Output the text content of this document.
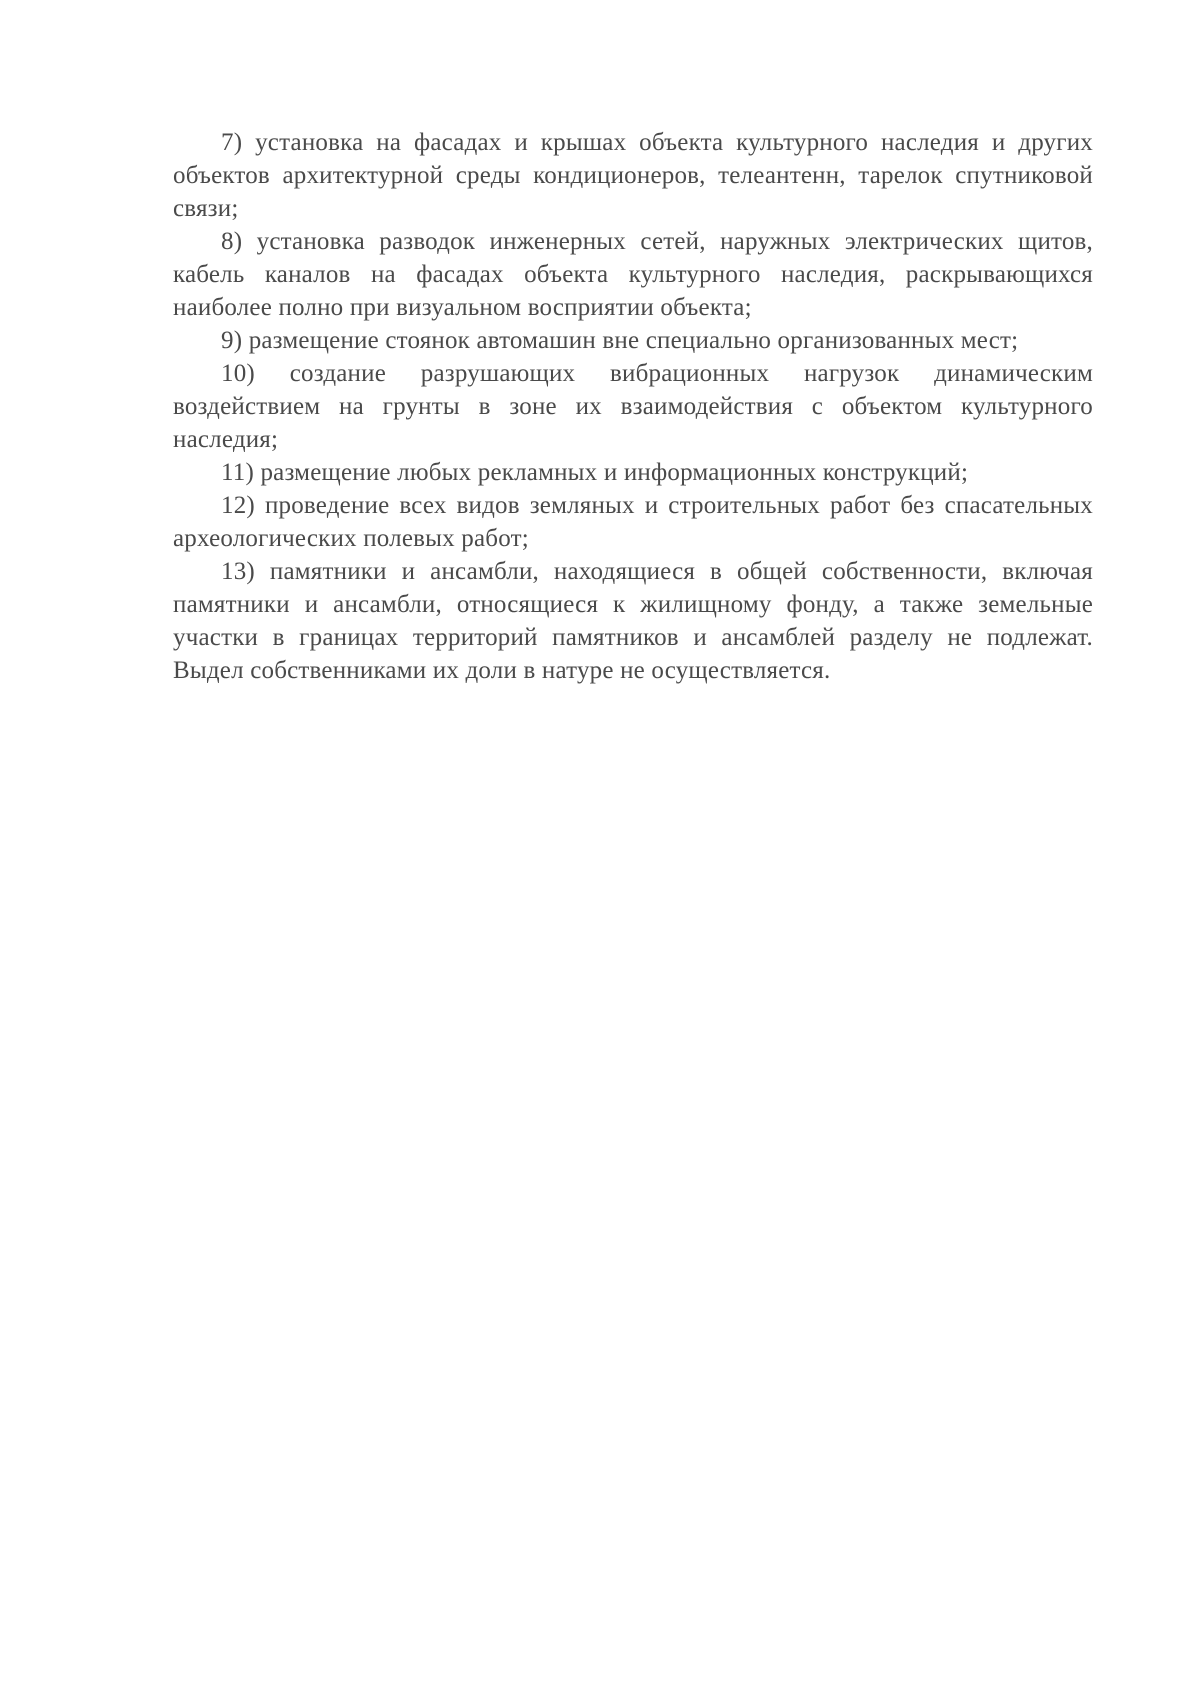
7) установка на фасадах и крышах объекта культурного наследия и других объектов архитектурной среды кондиционеров, телеантенн, тарелок спутниковой связи;

8) установка разводок инженерных сетей, наружных электрических щитов, кабель каналов на фасадах объекта культурного наследия, раскрывающихся наиболее полно при визуальном восприятии объекта;

9) размещение стоянок автомашин вне специально организованных мест;

10) создание разрушающих вибрационных нагрузок динамическим воздействием на грунты в зоне их взаимодействия с объектом культурного наследия;

11) размещение любых рекламных и информационных конструкций;

12) проведение всех видов земляных и строительных работ без спасательных археологических полевых работ;

13) памятники и ансамбли, находящиеся в общей собственности, включая памятники и ансамбли, относящиеся к жилищному фонду, а также земельные участки в границах территорий памятников и ансамблей разделу не подлежат. Выдел собственниками их доли в натуре не осуществляется.
